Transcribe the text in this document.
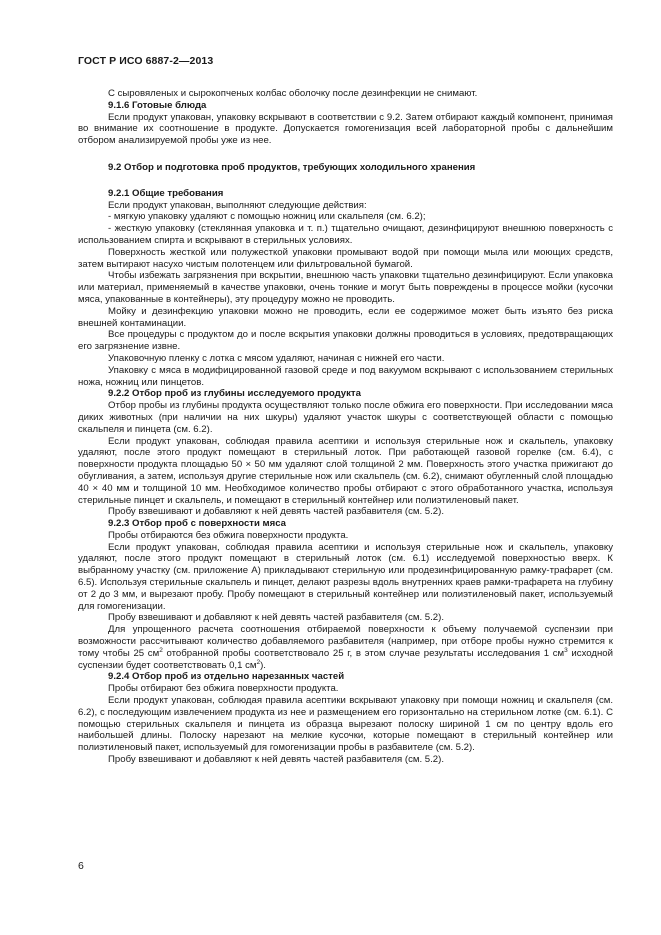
ГОСТ Р ИСО 6887-2—2013

С сыровяленых и сырокопченых колбас оболочку после дезинфекции не снимают.

9.1.6 Готовые блюда

Если продукт упакован, упаковку вскрывают в соответствии с 9.2. Затем отбирают каждый компонент, принимая во внимание их соотношение в продукте. Допускается гомогенизация всей лабораторной пробы с дальнейшим отбором анализируемой пробы уже из нее.

9.2 Отбор и подготовка проб продуктов, требующих холодильного хранения

9.2.1 Общие требования

Если продукт упакован, выполняют следующие действия:

- мягкую упаковку удаляют с помощью ножниц или скальпеля (см. 6.2);

- жесткую упаковку (стеклянная упаковка и т. п.) тщательно очищают, дезинфицируют внешнюю поверхность с использованием спирта и вскрывают в стерильных условиях.

Поверхность жесткой или полужесткой упаковки промывают водой при помощи мыла или моющих средств, затем вытирают насухо чистым полотенцем или фильтровальной бумагой.

Чтобы избежать загрязнения при вскрытии, внешнюю часть упаковки тщательно дезинфицируют. Если упаковка или материал, применяемый в качестве упаковки, очень тонкие и могут быть повреждены в процессе мойки (кусочки мяса, упакованные в контейнеры), эту процедуру можно не проводить.

Мойку и дезинфекцию упаковки можно не проводить, если ее содержимое может быть изъято без риска внешней контаминации.

Все процедуры с продуктом до и после вскрытия упаковки должны проводиться в условиях, предотвращающих его загрязнение извне.

Упаковочную пленку с лотка с мясом удаляют, начиная с нижней его части.

Упаковку с мяса в модифицированной газовой среде и под вакуумом вскрывают с использованием стерильных ножа, ножниц или пинцетов.

9.2.2 Отбор проб из глубины исследуемого продукта

Отбор пробы из глубины продукта осуществляют только после обжига его поверхности. При исследовании мяса диких животных (при наличии на них шкуры) удаляют участок шкуры с соответствующей области с помощью скальпеля и пинцета (см. 6.2).

Если продукт упакован, соблюдая правила асептики и используя стерильные нож и скальпель, упаковку удаляют, после этого продукт помещают в стерильный лоток. При работающей газовой горелке (см. 6.4), с поверхности продукта площадью 50 × 50 мм удаляют слой толщиной 2 мм. Поверхность этого участка прижигают до обугливания, а затем, используя другие стерильные нож или скальпель (см. 6.2), снимают обугленный слой площадью 40 × 40 мм и толщиной 10 мм. Необходимое количество пробы отбирают с этого обработанного участка, используя стерильные пинцет и скальпель, и помещают в стерильный контейнер или полиэтиленовый пакет.

Пробу взвешивают и добавляют к ней девять частей разбавителя (см. 5.2).

9.2.3 Отбор проб с поверхности мяса

Пробы отбираются без обжига поверхности продукта.

Если продукт упакован, соблюдая правила асептики и используя стерильные нож и скальпель, упаковку удаляют, после этого продукт помещают в стерильный лоток (см. 6.1) исследуемой поверхностью вверх. К выбранному участку (см. приложение А) прикладывают стерильную или продезинфицированную рамку-трафарет (см. 6.5). Используя стерильные скальпель и пинцет, делают разрезы вдоль внутренних краев рамки-трафарета на глубину от 2 до 3 мм, и вырезают пробу. Пробу помещают в стерильный контейнер или полиэтиленовый пакет, используемый для гомогенизации.

Пробу взвешивают и добавляют к ней девять частей разбавителя (см. 5.2).

Для упрощенного расчета соотношения отбираемой поверхности к объему получаемой суспензии при возможности рассчитывают количество добавляемого разбавителя (например, при отборе пробы нужно стремится к тому чтобы 25 $см^2$ отобранной пробы соответствовало 25 г, в этом случае результаты исследования 1 $см^3$ исходной суспензии будет соответствовать 0,1 $см^2$).

9.2.4 Отбор проб из отдельно нарезанных частей

Пробы отбирают без обжига поверхности продукта.

Если продукт упакован, соблюдая правила асептики вскрывают упаковку при помощи ножниц и скальпеля (см. 6.2), с последующим извлечением продукта из нее и размещением его горизонтально на стерильном лотке (см. 6.1). С помощью стерильных скальпеля и пинцета из образца вырезают полоску шириной 1 см по центру вдоль его наибольшей длины. Полоску нарезают на мелкие кусочки, которые помещают в стерильный контейнер или полиэтиленовый пакет, используемый для гомогенизации пробы в разбавителе (см. 5.2).

Пробу взвешивают и добавляют к ней девять частей разбавителя (см. 5.2).

6
